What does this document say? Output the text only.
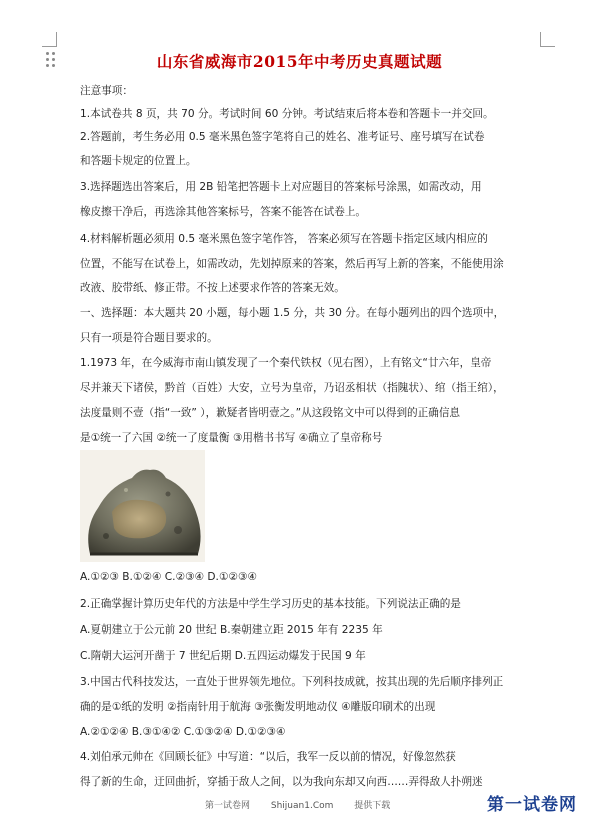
山东省威海市2015年中考历史真题试题
注意事项：
1.本试卷共 8 页，共 70 分。考试时间 60 分钟。考试结束后将本卷和答题卡一并交回。
2.答题前，考生务必用 0.5 毫米黑色签字笔将自己的姓名、准考证号、座号填写在试卷
和答题卡规定的位置上。
3.选择题选出答案后，用 2B 铅笔把答题卡上对应题目的答案标号涂黑，如需改动，用
橡皮擦干净后，再选涂其他答案标号，答案不能答在试卷上。
4.材料解析题必须用 0.5 毫米黑色签字笔作答， 答案必须写在答题卡指定区域内相应的
位置，不能写在试卷上，如需改动，先划掉原来的答案，然后再写上新的答案，不能使用涂
改液、胶带纸、修正带。不按上述要求作答的答案无效。
一、选择题：本大题共 20 小题，每小题 1.5 分，共 30 分。在每小题列出的四个选项中，
只有一项是符合题目要求的。
1.1973 年，在今威海市南山镇发现了一个秦代铁权（见右图），上有铭文“廿六年，皇帝
尽并兼天下诸侯，黔首（百姓）大安，立号为皇帝，乃诏丞相状（指隗状）、绾（指王绾），
法度量则不壹（指“一致” ），歉疑者皆明壹之。”从这段铭文中可以得到的正确信息
是①统一了六国 ②统一了度量衡 ③用楷书书写 ④确立了皇帝称号
A.①②③ B.①②④ C.②③④ D.①②③④
2.正确掌握计算历史年代的方法是中学生学习历史的基本技能。下列说法正确的是
A.夏朝建立于公元前 20 世纪 B.秦朝建立距 2015 年有 2235 年
C.隋朝大运河开凿于 7 世纪后期 D.五四运动爆发于民国 9 年
3.中国古代科技发达，一直处于世界领先地位。下列科技成就，按其出现的先后顺序排列正
确的是①纸的发明 ②指南针用于航海 ③张衡发明地动仪 ④雕版印刷术的出现
A.②①②④ B.③①④② C.①③②④ D.①②③④
4.刘伯承元帅在《回顾长征》中写道：“以后，我军一反以前的情况，好像忽然获
得了新的生命，迂回曲折，穿插于敌人之间，以为我向东却又向西……弄得敌人扑朔迷
第一试卷网 Shijuan1.Com 提供下载	第一试卷网
